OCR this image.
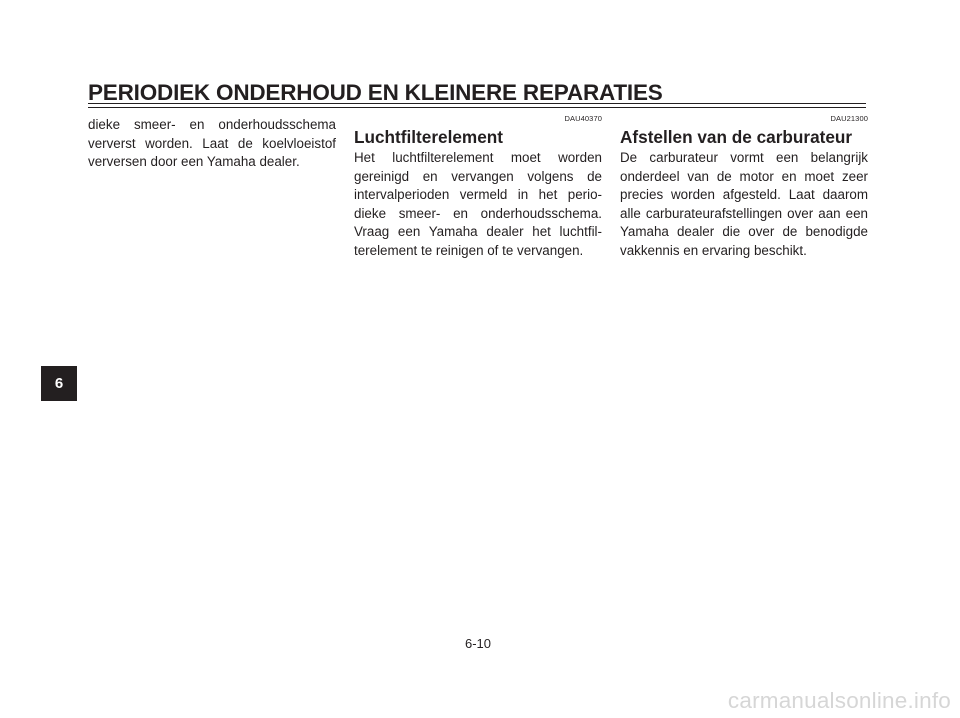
PERIODIEK ONDERHOUD EN KLEINERE REPARATIES

dieke smeer- en onderhoudsschema ververst worden. Laat de koelvloeistof verversen door een Yamaha dealer.

DAU40370
Luchtfilterelement

Het luchtfilterelement moet worden gereinigd en vervangen volgens de intervalperioden vermeld in het periodieke smeer- en onderhoudsschema. Vraag een Yamaha dealer het luchtfilterelement te reinigen of te vervangen.

DAU21300
Afstellen van de carburateur

De carburateur vormt een belangrijk onderdeel van de motor en moet zeer precies worden afgesteld. Laat daarom alle carburateurafstellingen over aan een Yamaha dealer die over de benodigde vakkennis en ervaring beschikt.

6
6-10
carmanualsonline.info
